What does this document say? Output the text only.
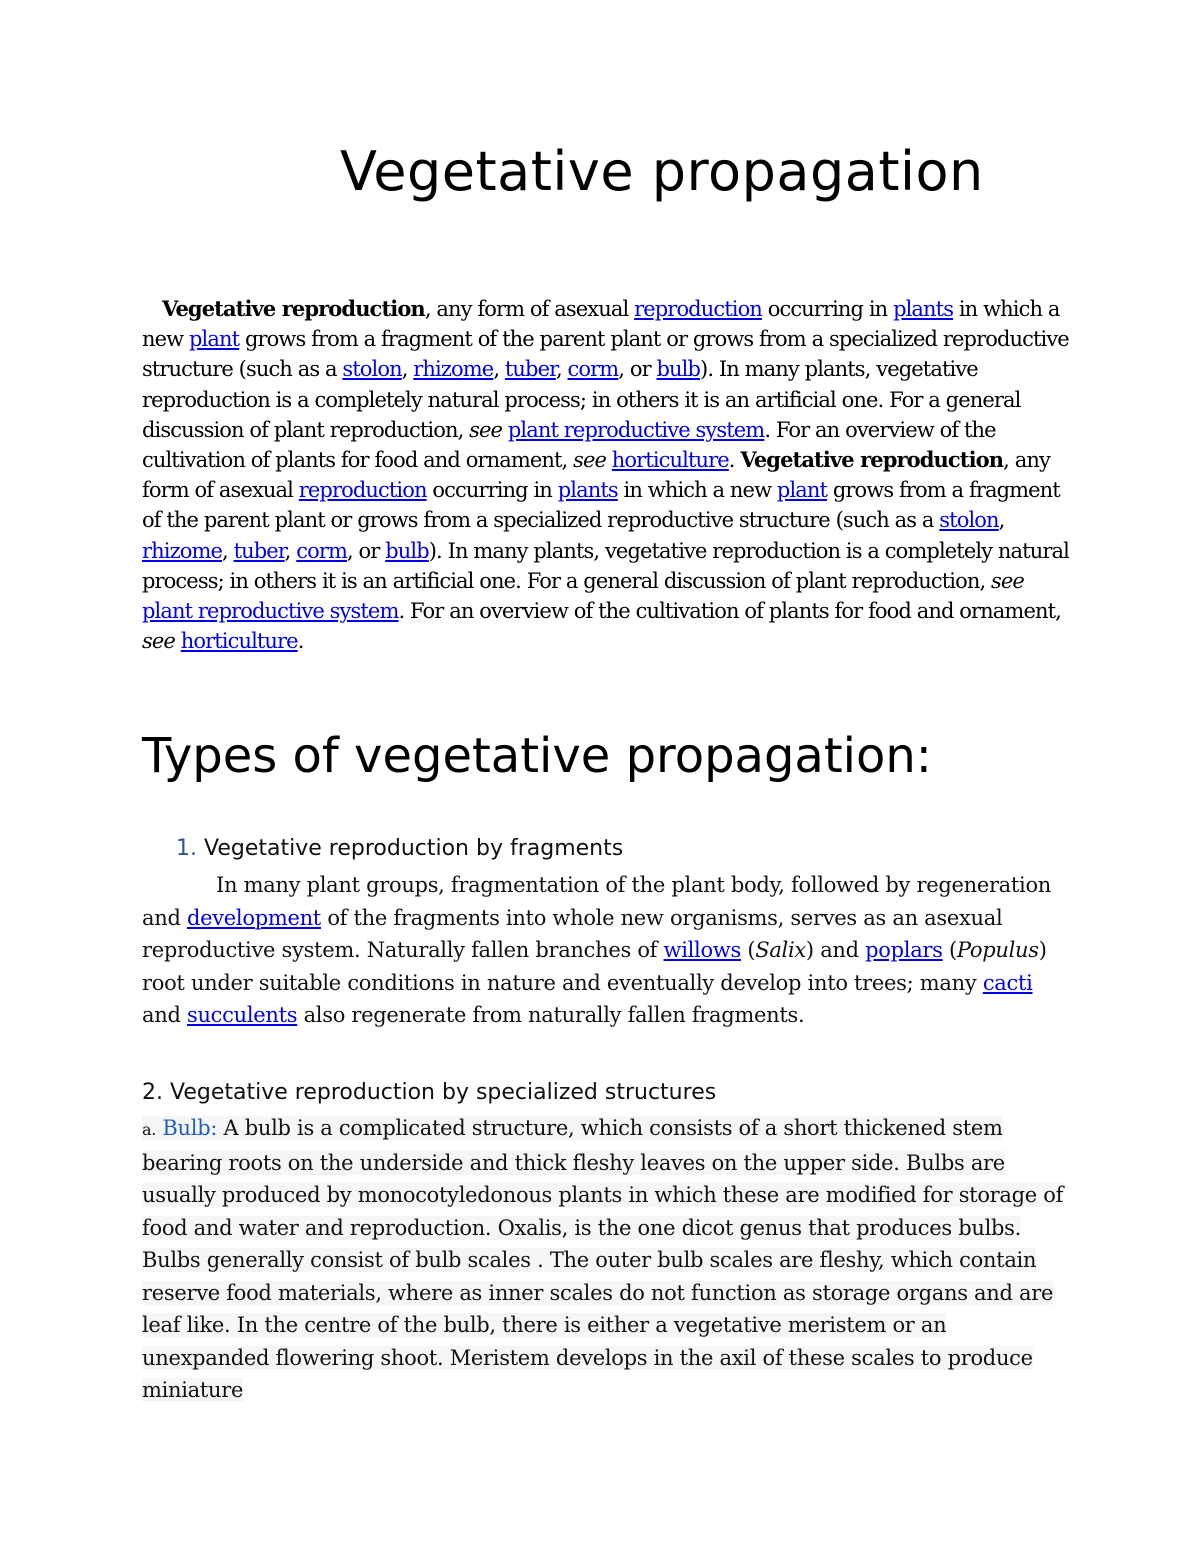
Vegetative propagation
Vegetative reproduction, any form of asexual reproduction occurring in plants in which a new plant grows from a fragment of the parent plant or grows from a specialized reproductive structure (such as a stolon, rhizome, tuber, corm, or bulb). In many plants, vegetative reproduction is a completely natural process; in others it is an artificial one. For a general discussion of plant reproduction, see plant reproductive system. For an overview of the cultivation of plants for food and ornament, see horticulture. Vegetative reproduction, any form of asexual reproduction occurring in plants in which a new plant grows from a fragment of the parent plant or grows from a specialized reproductive structure (such as a stolon, rhizome, tuber, corm, or bulb). In many plants, vegetative reproduction is a completely natural process; in others it is an artificial one. For a general discussion of plant reproduction, see plant reproductive system. For an overview of the cultivation of plants for food and ornament, see horticulture.
Types of vegetative propagation:
1. Vegetative reproduction by fragments
In many plant groups, fragmentation of the plant body, followed by regeneration and development of the fragments into whole new organisms, serves as an asexual reproductive system. Naturally fallen branches of willows (Salix) and poplars (Populus) root under suitable conditions in nature and eventually develop into trees; many cacti and succulents also regenerate from naturally fallen fragments.
2. Vegetative reproduction by specialized structures
a. Bulb: A bulb is a complicated structure, which consists of a short thickened stem bearing roots on the underside and thick fleshy leaves on the upper side. Bulbs are usually produced by monocotyledonous plants in which these are modified for storage of food and water and reproduction. Oxalis, is the one dicot genus that produces bulbs. Bulbs generally consist of bulb scales . The outer bulb scales are fleshy, which contain reserve food materials, where as inner scales do not function as storage organs and are leaf like. In the centre of the bulb, there is either a vegetative meristem or an unexpanded flowering shoot. Meristem develops in the axil of these scales to produce miniature
